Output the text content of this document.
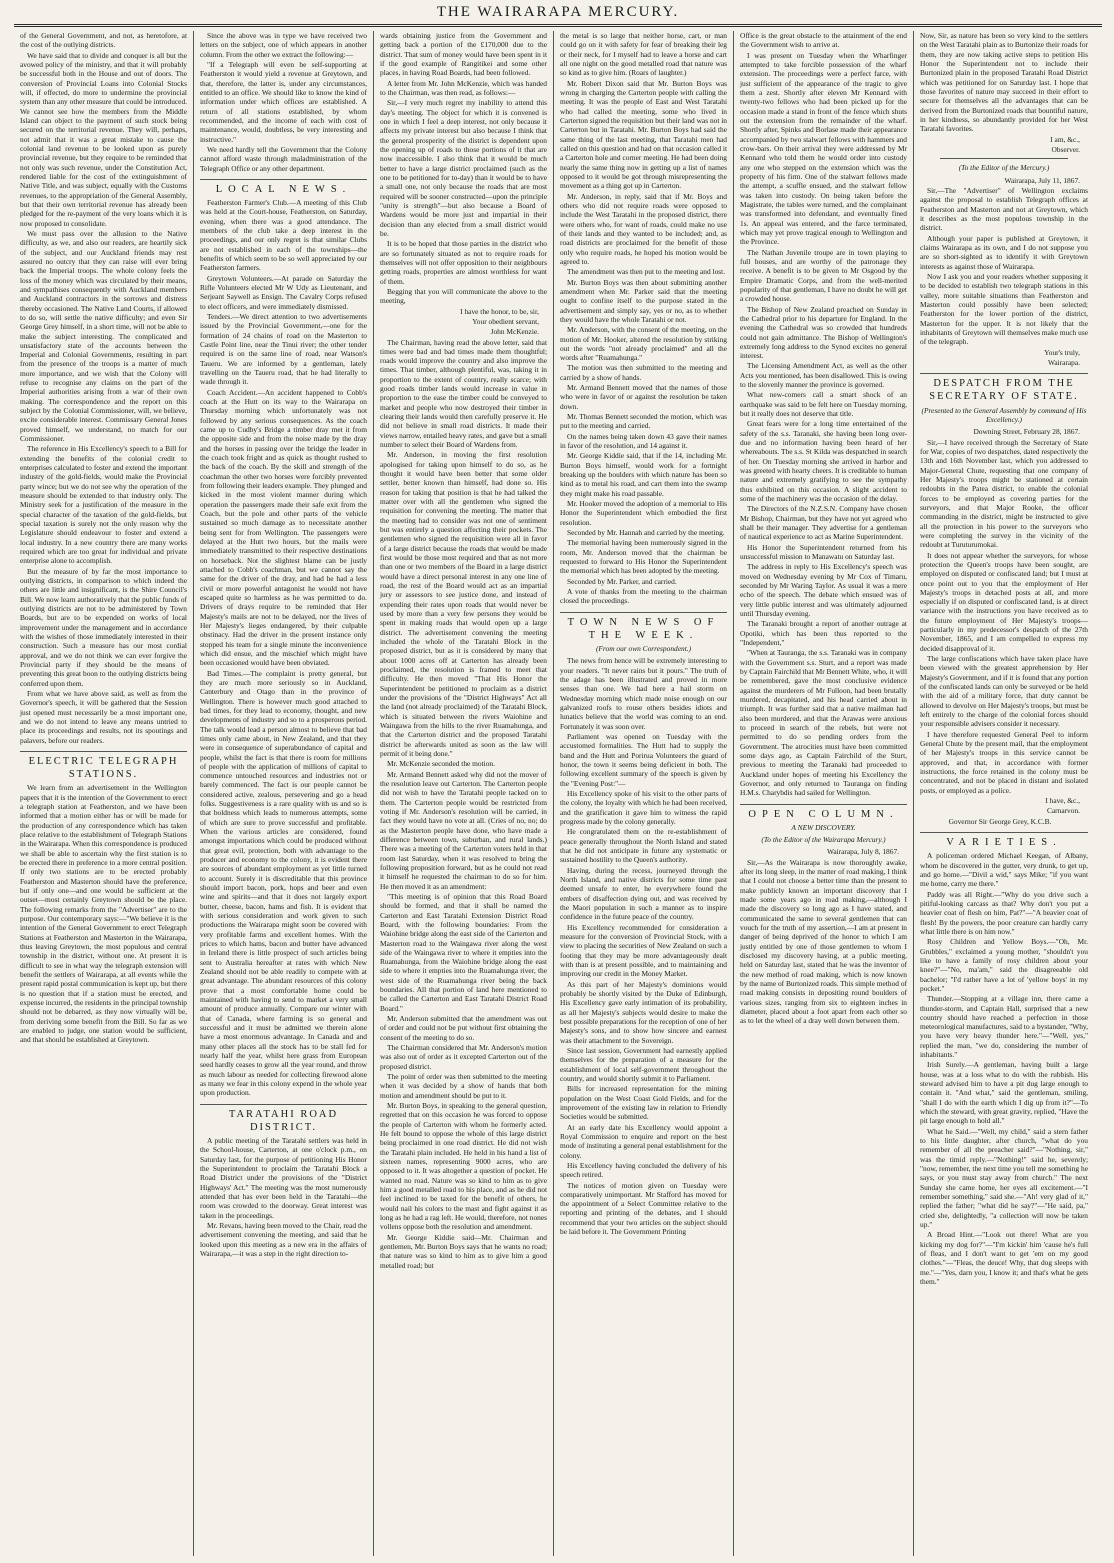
THE WAIRARAPA MERCURY.

of the General Government, and not, as heretofore, at the cost of the outlying districts.

We have said that to divide and conquer is all but the avowed policy of the ministry, and that it will probably be successful both in the House and out of doors. The conversion of Provincial Loans into Colonial Stocks will, if effected, do more to undermine the provincial system than any other measure that could be introduced. We cannot see how the members from the Middle Island can object to the payment of such stock being secured on the territorial revenue. They will, perhaps, not admit that it was a great mistake to cause the colonial land revenue to be looked upon as purely provincial revenue, but they require to be reminded that not only was such revenue, under the Constitution Act, rendered liable for the cost of the extinguishment of Native Title, and was subject, equally with the Customs revenues, to the appropriation of the General Assembly, but that their own territorial revenue has already been pledged for the re-payment of the very loans which it is now proposed to consolidate.

We must pass over the allusion to the Native difficulty, as we, and also our readers, are heartily sick of the subject, and our Auckland friends may rest assured no outcry that they can raise will ever bring back the Imperial troops. The whole colony feels the loss of the money which was circulated by their means, and sympathises consequently with Auckland members and Auckland contractors in the sorrows and distress thereby occasioned. The Native Land Courts, if allowed to do so, will settle the native difficulty; and even Sir George Grey himself, in a short time, will not be able to make the subject interesting. The complicated and unsatisfactory state of the accounts between the Imperial and Colonial Governments, resulting in part from the presence of the troops is a matter of much more importance, and we wish that the Colony will refuse to recognise any claims on the part of the Imperial authorities arising from a war of their own making. The correspondence and the report on this subject by the Colonial Commissioner, will, we believe, excite considerable interest. Commissary General Jones proved himself, we understand, no match for our Commissioner.

The reference in His Excellency's speech to a Bill for extending the benefits of the colonial credit to enterprises calculated to foster and extend the important industry of the gold-fields, would make the Provincial party wince; but we do not see why the operation of the measure should be extended to that industry only. The Ministry seek for a justification of the measure in the special character of the taxation of the gold-fields, but special taxation is surely not the only reason why the Legislature should endeavour to foster and extend a local industry. In a new country there are many works required which are too great for individual and private enterprise alone to accomplish.

But the measure of by far the most importance to outlying districts, in comparison to which indeed the others are little and insignificant, is the Shire Council's Bill. We now learn authoratively that the public funds of outlying districts are not to be administered by Town Boards, but are to be expended on works of local improvement under the management and in accordance with the wishes of those immediately interested in their construction. Such a measure has our most cordial approval, and we do not think we can ever forgive the Provincial party if they should be the means of preventing this great boon to the outlying districts being conferred upon them.

From what we have above said, as well as from the Governor's speech, it will be gathered that the Session just opened must necessarily be a most important one, and we do not intend to leave any means untried to place its proceedings and results, not its spoutings and palavers, before our readers.

ELECTRIC TELEGRAPH STATIONS.

We learn from an advertisement in the Wellington papers that it is the intention of the Government to erect a telegraph station at Featherston, and we have been informed that a motion either has or will be made for the production of any correspondence which has taken place relative to the establishment of Telegraph Stations in the Wairarapa. When this correspondence is produced we shall be able to ascertain why the first station is to be erected there in preference to a more central position. If only two stations are to be erected probably Featherston and Masterton should have the preference, but if only one—and one would be sufficient at the outset—most certainly Greytown should be the place. The following remarks from the "Advertiser" are to the purpose. Our contemporary says:—"We believe it is the intention of the General Government to erect Telegraph Stations at Featherston and Masterton in the Wairarapa, thus leaving Greytown, the most populous and central township in the district, without one. At present it is difficult to see in what way the telegraph extension will benefit the settlers of Wairarapa, at all events while the present rapid postal communication is kept up, but there is no question that if a station must be erected, and expense incurred, the residents in the principal township should not be debarred, as they now virtually will be, from deriving some benefit from the Bill. So far as we are enabled to judge, one station would be sufficient, and that should be established at Greytown.

Since the above was in type we have received two letters on the subject, one of which appears in another column. From the other we extract the following:—

"If a Telegraph will even be self-supporting at Featherston it would yield a revenue at Greytown, and that, therefore, the latter is, under any circumstances, entitled to an office. We should like to know the kind of information under which offices are established. A return of all stations established, by whom recommended, and the income of each with cost of maintenance, would, doubtless, be very interesting and instructive."

We need hardly tell the Government that the Colony cannot afford waste through maladministration of the Telegraph Office or any other department.

LOCAL NEWS.

Featherston Farmer's Club.—A meeting of this Club was held at the Court-house, Featherston, on Saturday, evening, when there was a good attendance. The members of the club take a deep interest in the proceedings, and our only regret is that similar Clubs are not established in each of the townships—the benefits of which seem to be so well appreciated by our Featherston farmers.

Greytown Volunteers.—At parade on Saturday the Rifle Volunteers elected Mr W Udy as Lieutenant, and Serjeant Saywell as Ensign. The Cavalry Corps refused to elect officers, and were immediately dismissed.

Tenders.—We direct attention to two advertisements issued by the Provincial Government,—one for the formation of 24 chains of road on the Masterton to Castle Point line, near the Tinui river; the other tender required is on the same line of road, near Watson's Taueru. We are informed by a gentleman, lately travelling on the Taueru road, that he had literally to wade through it.

Coach Accident.—An accident happened to Cobb's coach at the Hutt on its way to the Wairarapa on Thursday morning which unfortunately was not followed by any serious consequences. As the coach came up to Cudby's Bridge a timber dray met it from the opposite side and from the noise made by the dray and the horses in passing over the bridge the leader in the coach took fright and as quick as thought rushed to the back of the coach. By the skill and strength of the coachman the other two horses were forcibly prevented from following their leaders example. They plunged and kicked in the most violent manner during which operation the passengers made their safe exit from the Coach, but the pole and other parts of the vehicle sustained so much damage as to necessitate another being sent for from Wellington. The passengers were delayed at the Hutt two hours, but the mails were immediately transmitted to their respective destinations on horseback. Not the slightest blame can be justly attached to Cobb's coachman, but we cannot say the same for the driver of the dray, and had he had a less civil or more powerful antagonist he would not have escaped quite so harmless as he was permitted to do. Drivers of drays require to be reminded that Her Majesty's mails are not to be delayed, nor the lives of Her Majesty's lieges endangered, by their culpable obstinacy. Had the driver in the present instance only stopped his team for a single minute the inconvenience which did ensue, and the mischief which might have been occasioned would have been obviated.

Bad Times.—The complaint is pretty general, but they are much more seriously so in Auckland, Canterbury and Otago than in the province of Wellington. There is however much good attached to bad times, for they lead to economy, thought, and new developments of industry and so to a prosperous period. The talk would lead a person almost to believe that bad times only came about, in New Zealand, and that they were in consequence of superabundance of capital and people, whilst the fact is that there is room for millions of people with the application of millions of capital to commence untouched resources and industries not or barely commenced. The fact is our people cannot be considered active, zealous, persevering and go a head folks. Suggestiveness is a rare quality with us and so is that boldness which leads to numerous attempts, some of which are sure to prove successful and profitable. When the various articles are considered, found amongst importations which could be produced without that great evil, protection, both with advantage to the producer and economy to the colony, it is evident there are sources of abundant employment as yet little turned to account. Surely it is discreditable that this province should import bacon, pork, hops and beer and even wine and spirits—and that it does not largely export butter, cheese, bacon, hams and fish. It is evident that with serious consideration and work given to such productions the Wairarapa might soon be covered with very profitable farms and excellent homes. With the prices to which hams, bacon and butter have advanced in Ireland there is little prospect of such articles being sent to Australia hereafter at rates with which New Zealand should not be able readily to compete with at great advantage. The abundant resources of this colony prove that a most comfortable home could be maintained with having to send to market a very small amount of produce annually. Compare our winter with that of Canada, where farming is so general and successful and it must be admitted we therein alone have a most enormous advantage. In Canada and and many other places all the stock has to be stall fed for nearly half the year, whilst here grass from European seed hardly ceases to grow all the year round, and throw as much labour as needed for collecting firewood alone as many we fear in this colony expend in the whole year upon production.

TARATAHI ROAD DISTRICT.

A public meeting of the Taratahi settlers was held in the School-house, Carterton, at one o'clock p.m., on Saturday last, for the purpose of petitioning His Honor the Superintendent to proclaim the Taratahi Block a Road District under the provisions of the "District Highways' Act." The meeting was the most numerously attended that has ever been held in the Taratahi—the room was crowded to the doorway. Great interest was taken in the proceedings.

Mr. Revans, having been moved to the Chair, read the advertisement convening the meeting, and said that he looked upon this meeting as a new era in the affairs of Wairarapa,—it was a step in the right direction to-

wards obtaining justice from the Government and getting back a portion of the £170,000 due to the district. That sum of money would have been spent in it if the good example of Rangitikei and some other places, in having Road Boards, had been followed.

A letter from Mr. John McKenzie, which was handed to the Chairman, was then read, as follows:—

Sir,—I very much regret my inability to attend this day's meeting. The object for which it is convened is one in which I feel a deep interest, not only because it affects my private interest but also because I think that the general prosperity of the district is dependent upon the opening up of roads to those portions of it that are now inaccessible. I also think that it would be much better to have a large district proclaimed (such as the one to be petitioned for to-day) than it would be to have a small one, not only because the roads that are most required will be sooner constructed—upon the principle "unity is strength"—but also because a Board of Wardens would be more just and impartial in their decision than any elected from a small district would be.

It is to be hoped that those parties in the district who are so fortunately situated as not to require roads for themselves will not offer opposition to their neighbours getting roads, properties are almost worthless for want of them.

Begging that you will communicate the above to the meeting,

I have the honor, to be, sir,
Your obedient servant,
John McKenzie.

The Chairman, having read the above letter, said that times were bad and bad times made them thoughtful; roads would improve the country and also improve the times. That timber, although plentiful, was, taking it in proportion to the extent of country, really scarce; with good roads timber lands would increase in value in proportion to the ease the timber could be conveyed to market and people who now destroyed their timber in clearing their lands would then carefully preserve it. He did not believe in small road districts. It made their views narrow, entailed heavy rates, and gave but a small number to select their Board of Wardens from.

Mr. Anderson, in moving the first resolution apologised for taking upon himself to do so, as he thought it would have been better that some older settler, better known than himself, had done so. His reason for taking that position is that he had talked the matter over with all the gentlemen who signed the requisition for convening the meeting. The matter that the meeting had to consider was not one of sentiment but was entirely a question affecting their pockets. The gentlemen who signed the requisition were all in favor of a large district because the roads that would be made first would be those most required and that as not more than one or two members of the Board in a large district would have a direct personal interest in any one line of road, the rest of the Board would act as an impartial jury or assessors to see justice done, and instead of expending their rates upon roads that would never be used by more than a very few persons they would be spent in making roads that would open up a large district. The advertisement convening the meeting included the whole of the Taratahi Block in the proposed district, but as it is considered by many that about 1000 acres off at Carterton has already been proclaimed, the resolution is framed to meet that difficulty. He then moved "That His Honor the Superintendent be petitioned to proclaim as a district under the provisions of the "District Highways" Act all the land (not already proclaimed) of the Taratahi Block, which is situated between the rivers Waiohine and Waingawa from the hills to the river Ruamahunga, and that the Carterton district and the proposed Taratahi district be afterwards united as soon as the law will permit of it being done."

Mr. McKenzie seconded the motion.

Mr. Armand Bennett asked why did not the mover of the resolution leave out Carterton. The Carterton people did not wish to have the Taratahi people tacked on to them. The Carterton people would be restricted from voting if Mr. Anderson's resolution will be carried, in fact they would have no vote at all. (Cries of no, no; do as the Masterton people have done, who have made a difference between town, suburban, and rural lands.) There was a meeting of the Carterton voters held in that room last Saturday, when it was resolved to bring the following proposition forward, but as he could not read it himself he requested the chairman to do so for him. He then moved it as an amendment:

"This meeting is of opinion that this Road Board should be formed, and that it shall be named the Carterton and East Taratahi Extension District Road Board, with the following boundaries: From the Waiohine bridge along the east side of the Carterton and Masterton road to the Waingawa river along the west side of the Waingawa river to where it empties into the Ruamahunga, from the Waiohine bridge along the east side to where it empties into the Ruamahunga river, the west side of the Ruamahunga river being the back boundaries. All that portion of land here mentioned to be called the Carterton and East Taratahi District Road Board."

Mr. Anderson submitted that the amendment was out of order and could not be put without first obtaining the consent of the meeting to do so.

The Chairman considered that Mr. Anderson's motion was also out of order as it excepted Carterton out of the proposed district.

The point of order was then submitted to the meeting when it was decided by a show of hands that both motion and amendment should be put to it.

Mr. Burton Boys, in speaking to the general question, regretted that on this occasion he was forced to oppose the people of Carterton with whom he formerly acted. He felt bound to oppose the whole of this large district being proclaimed in one road district. He did not wish the Taratahi plain included. He held in his hand a list of sixteen names, representing 9000 acres, who are opposed to it. It was altogether a question of pocket. He wanted no road. Nature was so kind to him as to give him a good metalled road to his place, and as he did not feel inclined to be taxed for the benefit of others, he would nail his colors to the mast and fight against it as long as he had a rag left. He would, therefore, not nones vollens oppose both the resolution and amendment.

Mr. George Kiddie said—Mr. Chairman and gentlemen, Mr. Burton Boys says that he wants no road; that nature was so kind to him as to give him a good metalled road; but

the metal is so large that neither horse, cart, or man could go on it with safety for fear of breaking their leg or their neck, for I myself had to leave a horse and cart all one night on the good metalled road that nature was so kind as to give him. (Roars of laughter.)

Mr. Robert Dixon said that Mr. Burton Boys was wrong in charging the Carterton people with calling the meeting. It was the people of East and West Taratahi who had called the meeting, some who lived in Carterton signed the requisition but their land was not in Carterton but in Taratahi. Mr. Burton Boys had said the same thing of the last meeting, that Taratahi men had called on this question and had on that occasion called it a Carterton hole and corner meeting. He had been doing nearly the same thing now in getting up a list of names opposed to it would be got through misrepresenting the movement as a thing got up in Carterton.

Mr. Anderson, in reply, said that if Mr. Boys and others who did not require roads were opposed to include the West Taratahi in the proposed district, there were others who, for want of roads, could make no use of their lands and they wanted to be included; and, as road districts are proclaimed for the benefit of those only who require roads, he hoped his motion would be agreed to.

The amendment was then put to the meeting and lost.

Mr. Burton Boys was then about submitting another amendment when Mr. Parker said that the meeting ought to confine itself to the purpose stated in the advertisement and simply say, yes or no, as to whether they would have the whole Taratahi or not.

Mr. Anderson, with the consent of the meeting, on the motion of Mr. Hooker, altered the resolution by striking out the words "not already proclaimed" and all the words after "Ruamahunga."

The motion was then submitted to the meeting and carried by a show of hands.

Mr. Armand Bennett moved that the names of those who were in favor of or against the resolution be taken down.

Mr. Thomas Bennett seconded the motion, which was put to the meeting and carried.

On the names being taken down 43 gave their names in favor of the resolution, and 14 against it.

Mr. George Kiddie said, that if the 14, including Mr. Burton Boys himself, would work for a fortnight breaking up the boulders with which nature has been so kind as to metal his road, and cart them into the swamp they might make his road passable.

Mr. Hooker moved the adoption of a memorial to His Honor the Superintendent which embodied the first resolution.

Seconded by Mr. Hannah and carried by the meeting.

The memorial having been numerously signed in the room, Mr. Anderson moved that the chairman be requested to forward to His Honor the Superintendent the memorial which has been adopted by the meeting.

Seconded by Mr. Parker, and carried.

A vote of thanks from the meeting to the chairman closed the proceedings.

TOWN NEWS OF THE WEEK.
(From our own Correspondent.)

The news from hence will be extremely interesting to your readers. "It never rains but it pours." The truth of the adage has been illustrated and proved in more senses than one. We had here a hail storm on Wednesday morning which made noise enough on our galvanized roofs to rouse others besides idiots and lunatics believe that the world was coming to an end. Fortunately it was soon over.

Parliament was opened on Tuesday with the accustomed formalities. The Hutt had to supply the band and the Hutt and Porirua Volunteers the guard of honor, the town it seems being deficient in both. The following excellent summary of the speech is given by the "Evening Post:"—

His Excellency spoke of his visit to the other parts of the colony, the loyalty with which he had been received, and the gratification it gave him to witness the rapid progress made by the colony generally.

He congratulated them on the re-establishment of peace generally throughout the North Island and stated that he did not anticipate in future any systematic or sustained hostility to the Queen's authority.

Having, during the recess, journeyed through the North Island, and native districts for some time past deemed unsafe to enter, he everywhere found the embers of disaffection dying out, and was received by the Maori population in such a manner as to inspire confidence in the future peace of the country.

His Excellency recommended for consideration a measure for the conversion of Provincial Stock, with a view to placing the securities of New Zealand on such a footing that they may be more advantageously dealt with than is at present possible, and to maintaining and improving our credit in the Money Market.

As this part of her Majesty's dominions would probably be shortly visited by the Duke of Edinburgh, His Excellency gave early intimation of its probability, as all her Majesty's subjects would desire to make the best possible preparations for the reception of one of her Majesty's sons, and to show how sincere and earnest was their attachment to the Sovereign.

Since last session, Government had earnestly applied themselves for the preparation of a measure for the establishment of local self-government throughout the country, and would shortly submit it to Parliament.

Bills for increased representation for the mining population on the West Coast Gold Fields, and for the improvement of the existing law in relation to Friendly Societies would be submitted.

At an early date his Excellency would appoint a Royal Commission to enquire and report on the best mode of instituting a general penal establishment for the colony.

His Excellency having concluded the delivery of his speech retired.

The notices of motion given on Tuesday were comparatively unimportant. Mr Stafford has moved for the appointment of a Select Committee relative to the reporting and printing of the debates, and I should recommend that your two articles on the subject should be laid before it. The Government Printing

Office is the great obstacle to the attainment of the end the Government wish to arrive at.

I was present on Tuesday when the Wharfinger attempted to take forcible possession of the wharf extension. The proceedings were a perfect farce, with just sufficient of the appearance of the tragic to give them a zest. Shortly after eleven Mr Kennard with twenty-two fellows who had been picked up for the occasion made a stand in front of the fence which shuts out the extension from the remainder of the wharf. Shortly after, Spinks and Borlase made their appearance accompanied by two stalwart fellows with hammers and crow-bars. On their arrival they were addressed by Mr Kennard who told them he would order into custody any one who stepped on the extension which was the property of his firm. One of the stalwart fellows made the attempt, a scuffle ensued, and the stalwart fellow was taken into custody. On being taken before the Magistrate, the tables were turned, and the complainant was transformed into defendant, and eventually fined 1s. An appeal was entered, and the farce terminated, which may yet prove tragical enough to Wellington and the Province.

The Nathan Juvenile troupe are in town playing to full houses, and are worthy of the patronage they receive. A benefit is to be given to Mr Osgood by the Empire Dramatic Corps, and from the well-merited popularity of that gentleman, I have no doubt he will get a crowded house.

The Bishop of New Zealand preached on Sunday in the Cathedral prior to his departure for England. In the evening the Cathedral was so crowded that hundreds could not gain admittance. The Bishop of Wellington's extremely long address to the Synod excites no general interest.

The Licensing Amendment Act, as well as the other Acts you mentioned, has been disallowed. This is owing to the slovenly manner the province is governed.

What new-comers call a smart shock of an earthquake was said to be felt here on Tuesday morning, but it really does not deserve that title.

Great fears were for a long time entertained of the safety of the s.s. Taranaki, she having been long over-due and no information having been heard of her whereabouts. The s.s. St Kilda was despatched in search of her. On Tuesday morning she arrived in harbor and was greeted with hearty cheers. It is creditable to human nature and extremely gratifying to see the sympathy thus exhibited on this occasion. A slight accident to some of the machinery was the occasion of the delay.

The Directors of the N.Z.S.N. Company have chosen Mr Bishop, Chairman, but they have not yet agreed who shall be their manager. They advertise for a gentleman of nautical experience to act as Marine Superintendent.

His Honor the Superintendent returned from his unsuccessful mission to Manawatu on Saturday last.

The address in reply to His Excellency's speech was moved on Wednesday evening by Mr Cox of Timaru, seconded by Mr Waring Taylor. As usual it was a mere echo of the speech. The debate which ensued was of very little public interest and was ultimately adjourned until Thursday evening.

The Taranaki brought a report of another outrage at Opotiki, which has been thus reported to the "Independent,"

"When at Tauranga, the s.s. Taranaki was in company with the Government s.s. Sturt, and a report was made by Captain Fairchild that Mr Bennett White, who, it will be remembered, gave the most conclusive evidence against the murderers of Mr Fulloon, had been brutally murdered, decapitated, and his head carried about in triumph. It was further said that a native mailman had also been murdered, and that the Arawas were anxious to proceed in search of the rebels, but were not permitted to do so pending orders from the Government. The atrocities must have been committed some days ago, as Captain Fairchild of the Sturt, previous to meeting the Taranaki had proceeded to Auckland under hopes of meeting his Excellency the Governor, and only returned to Tauranga on finding H.M.s. Charybdis had sailed for Wellington.

OPEN COLUMN.
A NEW DISCOVERY.
(To the Editor of the Wairarapa Mercury.)
Wairarapa, July 8, 1867.

Sir,—As the Wairarapa is now thoroughly awake, after its long sleep, in the matter of road making, I think that I could not choose a better time than the present to make publicly known an important discovery that I made some years ago in road making,—although I made the discovery so long ago as I have stated, and communicated the same to several gentlemen that can vouch for the truth of my assertion,—I am at present in danger of being deprived of the honor to which I am justly entitled by one of those gentlemen to whom I disclosed my discovery having, at a public meeting, held on Saturday last, stated that he was the inventor of the new method of road making, which is now known by the name of Burtonized roads. This simple method of road making consists in depositing round boulders of various sizes, ranging from six to eighteen inches in diameter, placed about a foot apart from each other so as to let the wheel of a dray well down between them.

Now, Sir, as nature has been so very kind to the settlers on the West Taratahi plain as to Burtonize their roads for them, they are now taking active steps to petition His Honor the Superintendent not to include their Burtonized plain in the proposed Taratahi Road District which was petitioned for on Saturday last. I hope that those favorites of nature may succeed in their effort to secure for themselves all the advantages that can be derived from the Burtonized roads that bountiful nature, in her kindness, so abundantly provided for her West Taratahi favorites.

I am, &c.,
Observer.
(To the Editor of the Mercury.)
Wairarapa, July 11, 1867.

Sir,—The "Advertiser" of Wellington exclaims against the proposal to establish Telegraph offices at Featherston and Masterton and not at Greytown, which it describes as the most populous township in the district.

Although your paper is published at Greytown, it claims Wairarapa as its own, and I do not suppose you are so short-sighted as to identify it with Greytown interests as against those of Wairarapa.

Now I ask you and your readers whether supposing it to be decided to establish two telegraph stations in this valley, more suitable situations than Featherston and Masterton could possibly have been selected; Featherston for the lower portion of the district, Masterton for the upper. It is not likely that the inhabitants of Greytown will themselves make much use of the telegraph.

Your's truly,
Wairarapa.
DESPATCH FROM THE SECRETARY OF STATE.
(Presented to the General Assembly by command of His Excellency.)
Downing Street, February 28, 1867.

Sir,—I have received through the Secretary of State for War, copies of two despatches, dated respectively the 13th and 16th November last, which you addressed to Major-General Chute, requesting that one company of Her Majesty's troops might be stationed at certain redoubts in the Patea district, to enable the colonial forces to be employed as covering parties for the surveyors, and that Major Rooke, the officer commanding in the district, might be instructed to give all the protection in his power to the surveyors who were completing the survey in the vicinity of the redoubt at Turuturumokai.

It does not appear whether the surveyors, for whose protection the Queen's troops have been sought, are employed on disputed or confiscated land; but I must at once point out to you that the employment of Her Majesty's troops in detached posts at all, and more especially if on disputed or confiscated land, is at direct variance with the instructions you have received as to the future employment of Her Majesty's troops—particularly in my predecessor's despatch of the 27th November, 1865, and I am compelled to express my decided disapproval of it.

The large confiscations which have taken place have been viewed with the greatest apprehension by Her Majesty's Government, and if it is found that any portion of the confiscated lands can only be surveyed or be held with the aid of a military force, that duty cannot be allowed to devolve on Her Majesty's troops, but must be left entirely to the charge of the colonial forces should your responsible advisers consider it necessary.

I have therefore requested General Peel to inform General Chute by the present mail, that the employment of her Majesty's troops in this service cannot be approved, and that, in accordance with former instructions, the force retained in the colony must be concentrated, and not be placed in distant and isolated posts, or employed as a police.

I have, &c.,
Carnarvon.
Governor Sir George Grey, K.C.B.
VARIETIES.

A policeman ordered Michael Keegan, of Albany, whom he discovered in the gutter, very drunk, to get up, and go home.—"Divil a wid," says Mike; "if you want me home, carry me there."

Paddy was all Right.—"Why do you drive such a pitiful-looking carcass as that? Why don't you put a heavier coat of flesh on him, Pat?"—"A heavier coat of flesh! By the powers, the poor creature can hardly carry what little there is on him now."

Rosy Children and Yellow Boys.—"Oh, Mr. Grubbles," exclaimed a young mother, "shouldn't you like to have a family of rosy children about your knee?"—"No, ma'am," said the disagreeable old bachelor; "I'd rather have a lot of 'yellow boys' in my pocket."

Thunder.—Stopping at a village inn, there came a thunder-storm, and Captain Hall, surprised that a new country should have reached a perfection in those meteorological manufactures, said to a bystander, "Why, you have very heavy thunder here."—"Well, yes," replied the man, "we do, considering the number of inhabitants."

Irish Surely.—A gentleman, having built a large house, was at a loss what to do with the rubbish. His steward advised him to have a pit dug large enough to contain it. "And what," said the gentleman, smiling, "shall I do with the earth which I dig up from it?"—To which the steward, with great gravity, replied, "Have the pit large enough to hold all."

What he Said.—"Well, my child," said a stern father to his little daughter, after church, "what do you remember of all the preacher said?"—"Nothing, sir," was the timid reply.—"Nothing!" said he, severely; "now, remember, the next time you tell me something he says, or you must stay away from church." The next Sunday she came home, her eyes all excitement.—"I remember something," said she.—"Ah! very glad of it," replied the father; "what did he say?"—"He said, pa," cried she, delightedly, "a collection will now be taken up."

A Broad Hint.—"Look out there! What are you kicking my dog for?"—"I'm kickin' him 'cause he's full of fleas, and I don't want to get 'em on my good clothes."—"Fleas, the deuce! Why, that dog sleeps with me."—"Yes, darn you, I know it; and that's what he gets them."
